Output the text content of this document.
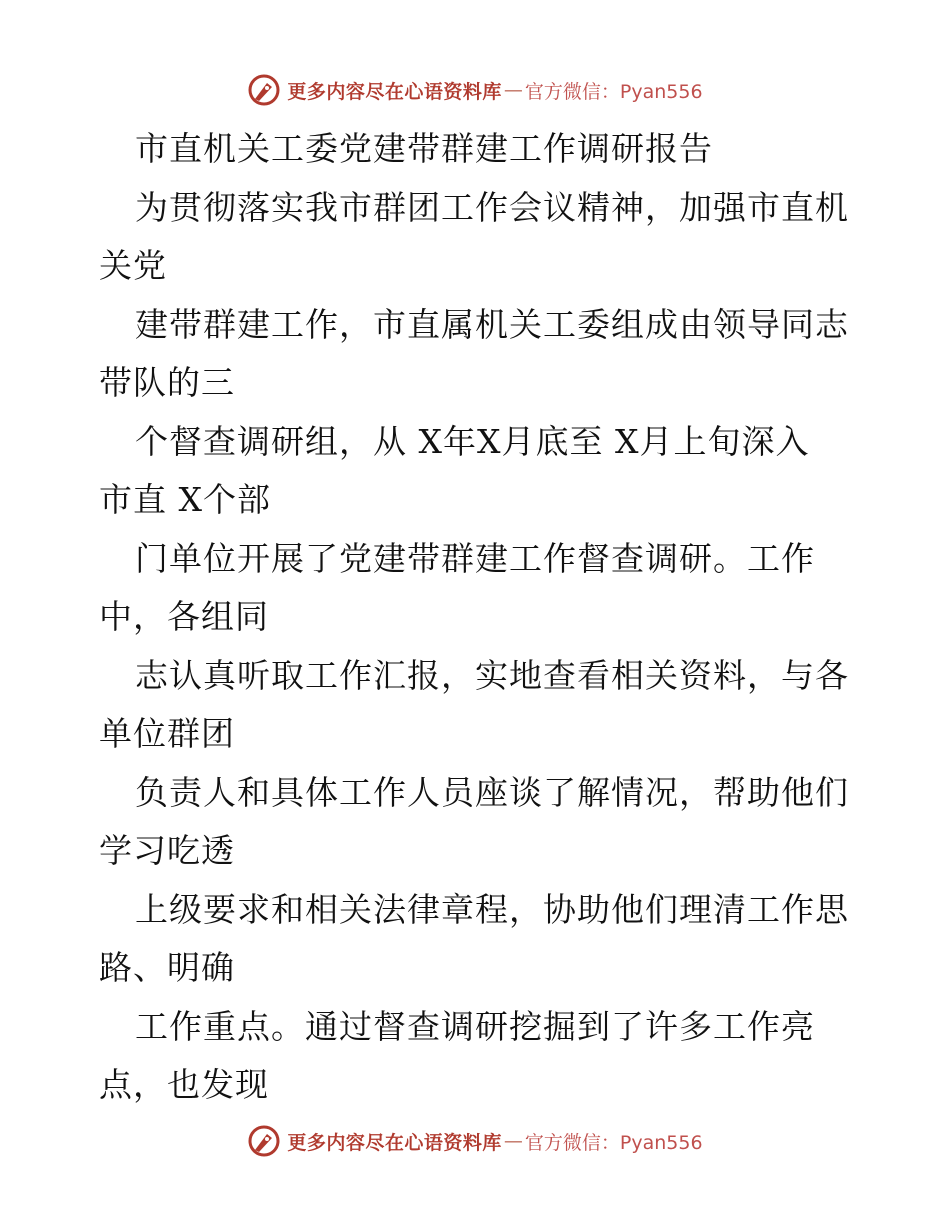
更多内容尽在心语资料库 — 官方微信：Pyan556
市直机关工委党建带群建工作调研报告
为贯彻落实我市群团工作会议精神，加强市直机
关党
建带群建工作，市直属机关工委组成由领导同志
带队的三
个督查调研组，从 X年X月底至 X月上旬深入
市直 X个部
门单位开展了党建带群建工作督查调研。工作
中，各组同
志认真听取工作汇报，实地查看相关资料，与各
单位群团
负责人和具体工作人员座谈了解情况，帮助他们
学习吃透
上级要求和相关法律章程，协助他们理清工作思
路、明确
工作重点。通过督查调研挖掘到了许多工作亮
点，也发现
更多内容尽在心语资料库 — 官方微信：Pyan556
